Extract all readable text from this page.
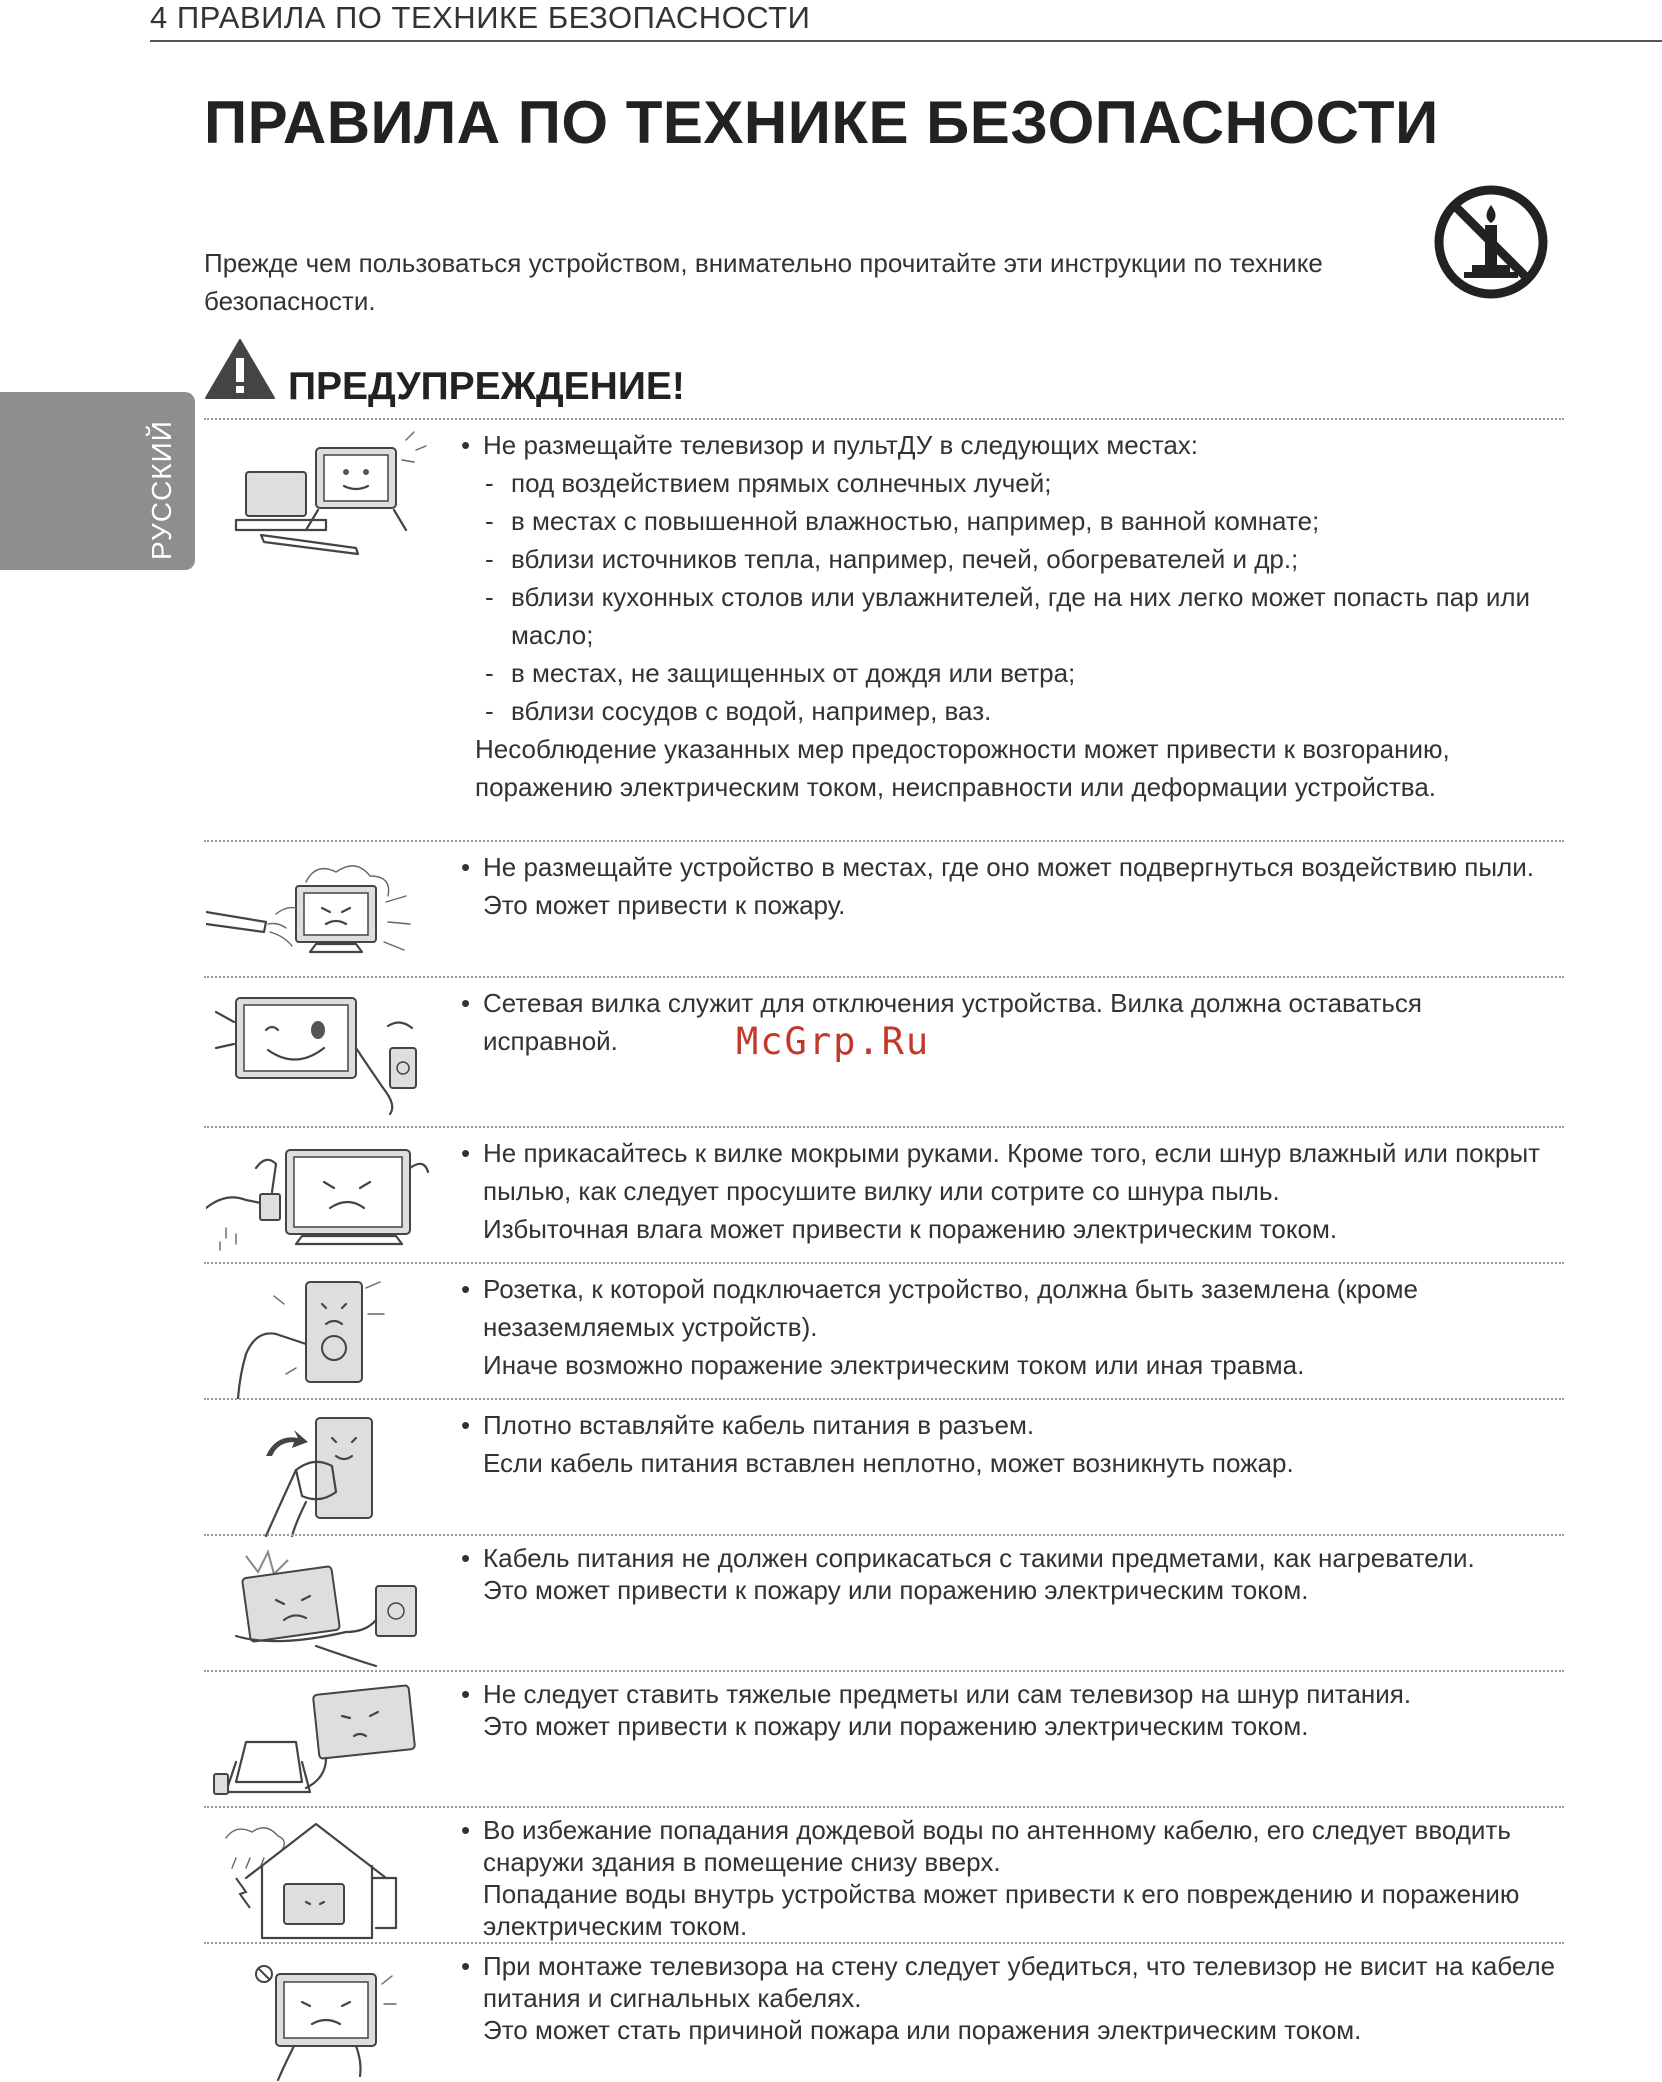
4 ПРАВИЛА ПО ТЕХНИКЕ БЕЗОПАСНОСТИ
РУССКИЙ
ПРАВИЛА ПО ТЕХНИКЕ БЕЗОПАСНОСТИ

Прежде чем пользоваться устройством, внимательно прочитайте эти инструкции по технике безопасности.

ПРЕДУПРЕЖДЕНИЕ!

• Не размещайте телевизор и пультДУ в следующих местах:

- под воздействием прямых солнечных лучей;

- в местах с повышенной влажностью, например, в ванной комнате;

- вблизи источников тепла, например, печей, обогревателей и др.;

- вблизи кухонных столов или увлажнителей, где на них легко может попасть пар или масло;

- в местах, не защищенных от дождя или ветра;

- вблизи сосудов с водой, например, ваз.

Несоблюдение указанных мер предосторожности может привести к возгоранию, поражению электрическим током, неисправности или деформации устройства.

• Не размещайте устройство в местах, где оно может подвергнуться воздействию пыли.

Это может привести к пожару.

• Сетевая вилка служит для отключения устройства. Вилка должна оставаться исправной.

• Не прикасайтесь к вилке мокрыми руками. Кроме того, если шнур влажный или покрыт пылью, как следует просушите вилку или сотрите со шнура пыль.

Избыточная влага может привести к поражению электрическим током.

• Розетка, к которой подключается устройство, должна быть заземлена (кроме незаземляемых устройств).

Иначе возможно поражение электрическим током или иная травма.

• Плотно вставляйте кабель питания в разъем.

Если кабель питания вставлен неплотно, может возникнуть пожар.

• Кабель питания не должен соприкасаться с такими предметами, как нагреватели.

Это может привести к пожару или поражению электрическим током.

• Не следует ставить тяжелые предметы или сам телевизор на шнур питания.

Это может привести к пожару или поражению электрическим током.

• Во избежание попадания дождевой воды по антенному кабелю, его следует вводить снаружи здания в помещение снизу вверх.

Попадание воды внутрь устройства может привести к его повреждению и поражению электрическим током.

• При монтаже телевизора на стену следует убедиться, что телевизор не висит на кабеле питания и сигнальных кабелях.

Это может стать причиной пожара или поражения электрическим током.

McGrp.Ru
